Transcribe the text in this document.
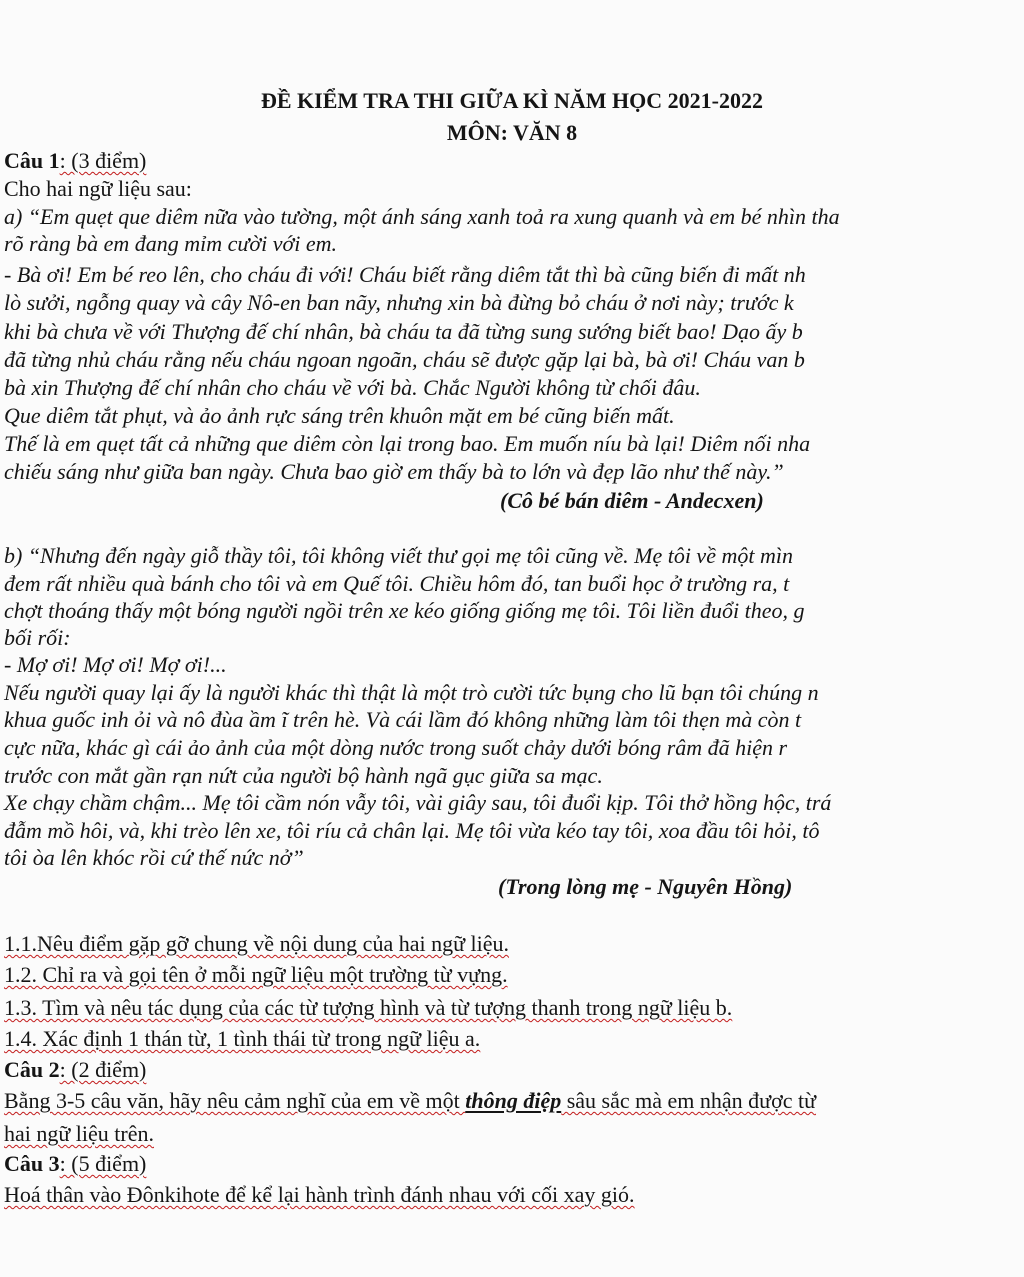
ĐỀ KIỂM TRA THI GIỮA KÌ NĂM HỌC 2021-2022
MÔN: VĂN 8
Câu 1: (3 điểm)
Cho hai ngữ liệu sau:
a) “Em quẹt que diêm nữa vào tường, một ánh sáng xanh toả ra xung quanh và em bé nhìn tha
rõ ràng bà em đang mỉm cười với em.
- Bà ơi! Em bé reo lên, cho cháu đi với! Cháu biết rằng diêm tắt thì bà cũng biến đi mất nh
lò sưởi, ngỗng quay và cây Nô-en ban nãy, nhưng xin bà đừng bỏ cháu ở nơi này; trước k
khi bà chưa về với Thượng đế chí nhân, bà cháu ta đã từng sung sướng biết bao! Dạo ấy b
đã từng nhủ cháu rằng nếu cháu ngoan ngoãn, cháu sẽ được gặp lại bà, bà ơi! Cháu van b
bà xin Thượng đế chí nhân cho cháu về với bà. Chắc Người không từ chối đâu.
Que diêm tắt phụt, và ảo ảnh rực sáng trên khuôn mặt em bé cũng biến mất.
Thế là em quẹt tất cả những que diêm còn lại trong bao. Em muốn níu bà lại! Diêm nối nha
chiếu sáng như giữa ban ngày. Chưa bao giờ em thấy bà to lớn và đẹp lão như thế này.”
(Cô bé bán diêm - Andecxen)
b) “Nhưng đến ngày giỗ thầy tôi, tôi không viết thư gọi mẹ tôi cũng về. Mẹ tôi về một mìn
đem rất nhiều quà bánh cho tôi và em Quế tôi. Chiều hôm đó, tan buổi học ở trường ra, t
chợt thoáng thấy một bóng người ngồi trên xe kéo giống giống mẹ tôi. Tôi liền đuổi theo, g
bối rối:
- Mợ ơi! Mợ ơi! Mợ ơi!...
Nếu người quay lại ấy là người khác thì thật là một trò cười tức bụng cho lũ bạn tôi chúng n
khua guốc inh ỏi và nô đùa ầm ĩ trên hè. Và cái lầm đó không những làm tôi thẹn mà còn t
cực nữa, khác gì cái ảo ảnh của một dòng nước trong suốt chảy dưới bóng râm đã hiện r
trước con mắt gần rạn nứt của người bộ hành ngã gục giữa sa mạc.
Xe chạy chầm chậm... Mẹ tôi cầm nón vẫy tôi, vài giây sau, tôi đuổi kịp. Tôi thở hồng hộc, trá
đẫm mồ hôi, và, khi trèo lên xe, tôi ríu cả chân lại. Mẹ tôi vừa kéo tay tôi, xoa đầu tôi hỏi, tô
tôi òa lên khóc rồi cứ thế nức nở”
(Trong lòng mẹ - Nguyên Hồng)
1.1.Nêu điểm gặp gỡ chung về nội dung của hai ngữ liệu.
1.2. Chỉ ra và gọi tên ở mỗi ngữ liệu một trường từ vựng.
1.3. Tìm và nêu tác dụng của các từ tượng hình và từ tượng thanh trong ngữ liệu b.
1.4. Xác định 1 thán từ, 1 tình thái từ trong ngữ liệu a.
Câu 2: (2 điểm)
Bằng 3-5 câu văn, hãy nêu cảm nghĩ của em về một thông điệp sâu sắc mà em nhận được từ
hai ngữ liệu trên.
Câu 3: (5 điểm)
Hoá thân vào Đônkihote để kể lại hành trình đánh nhau với cối xay gió.
